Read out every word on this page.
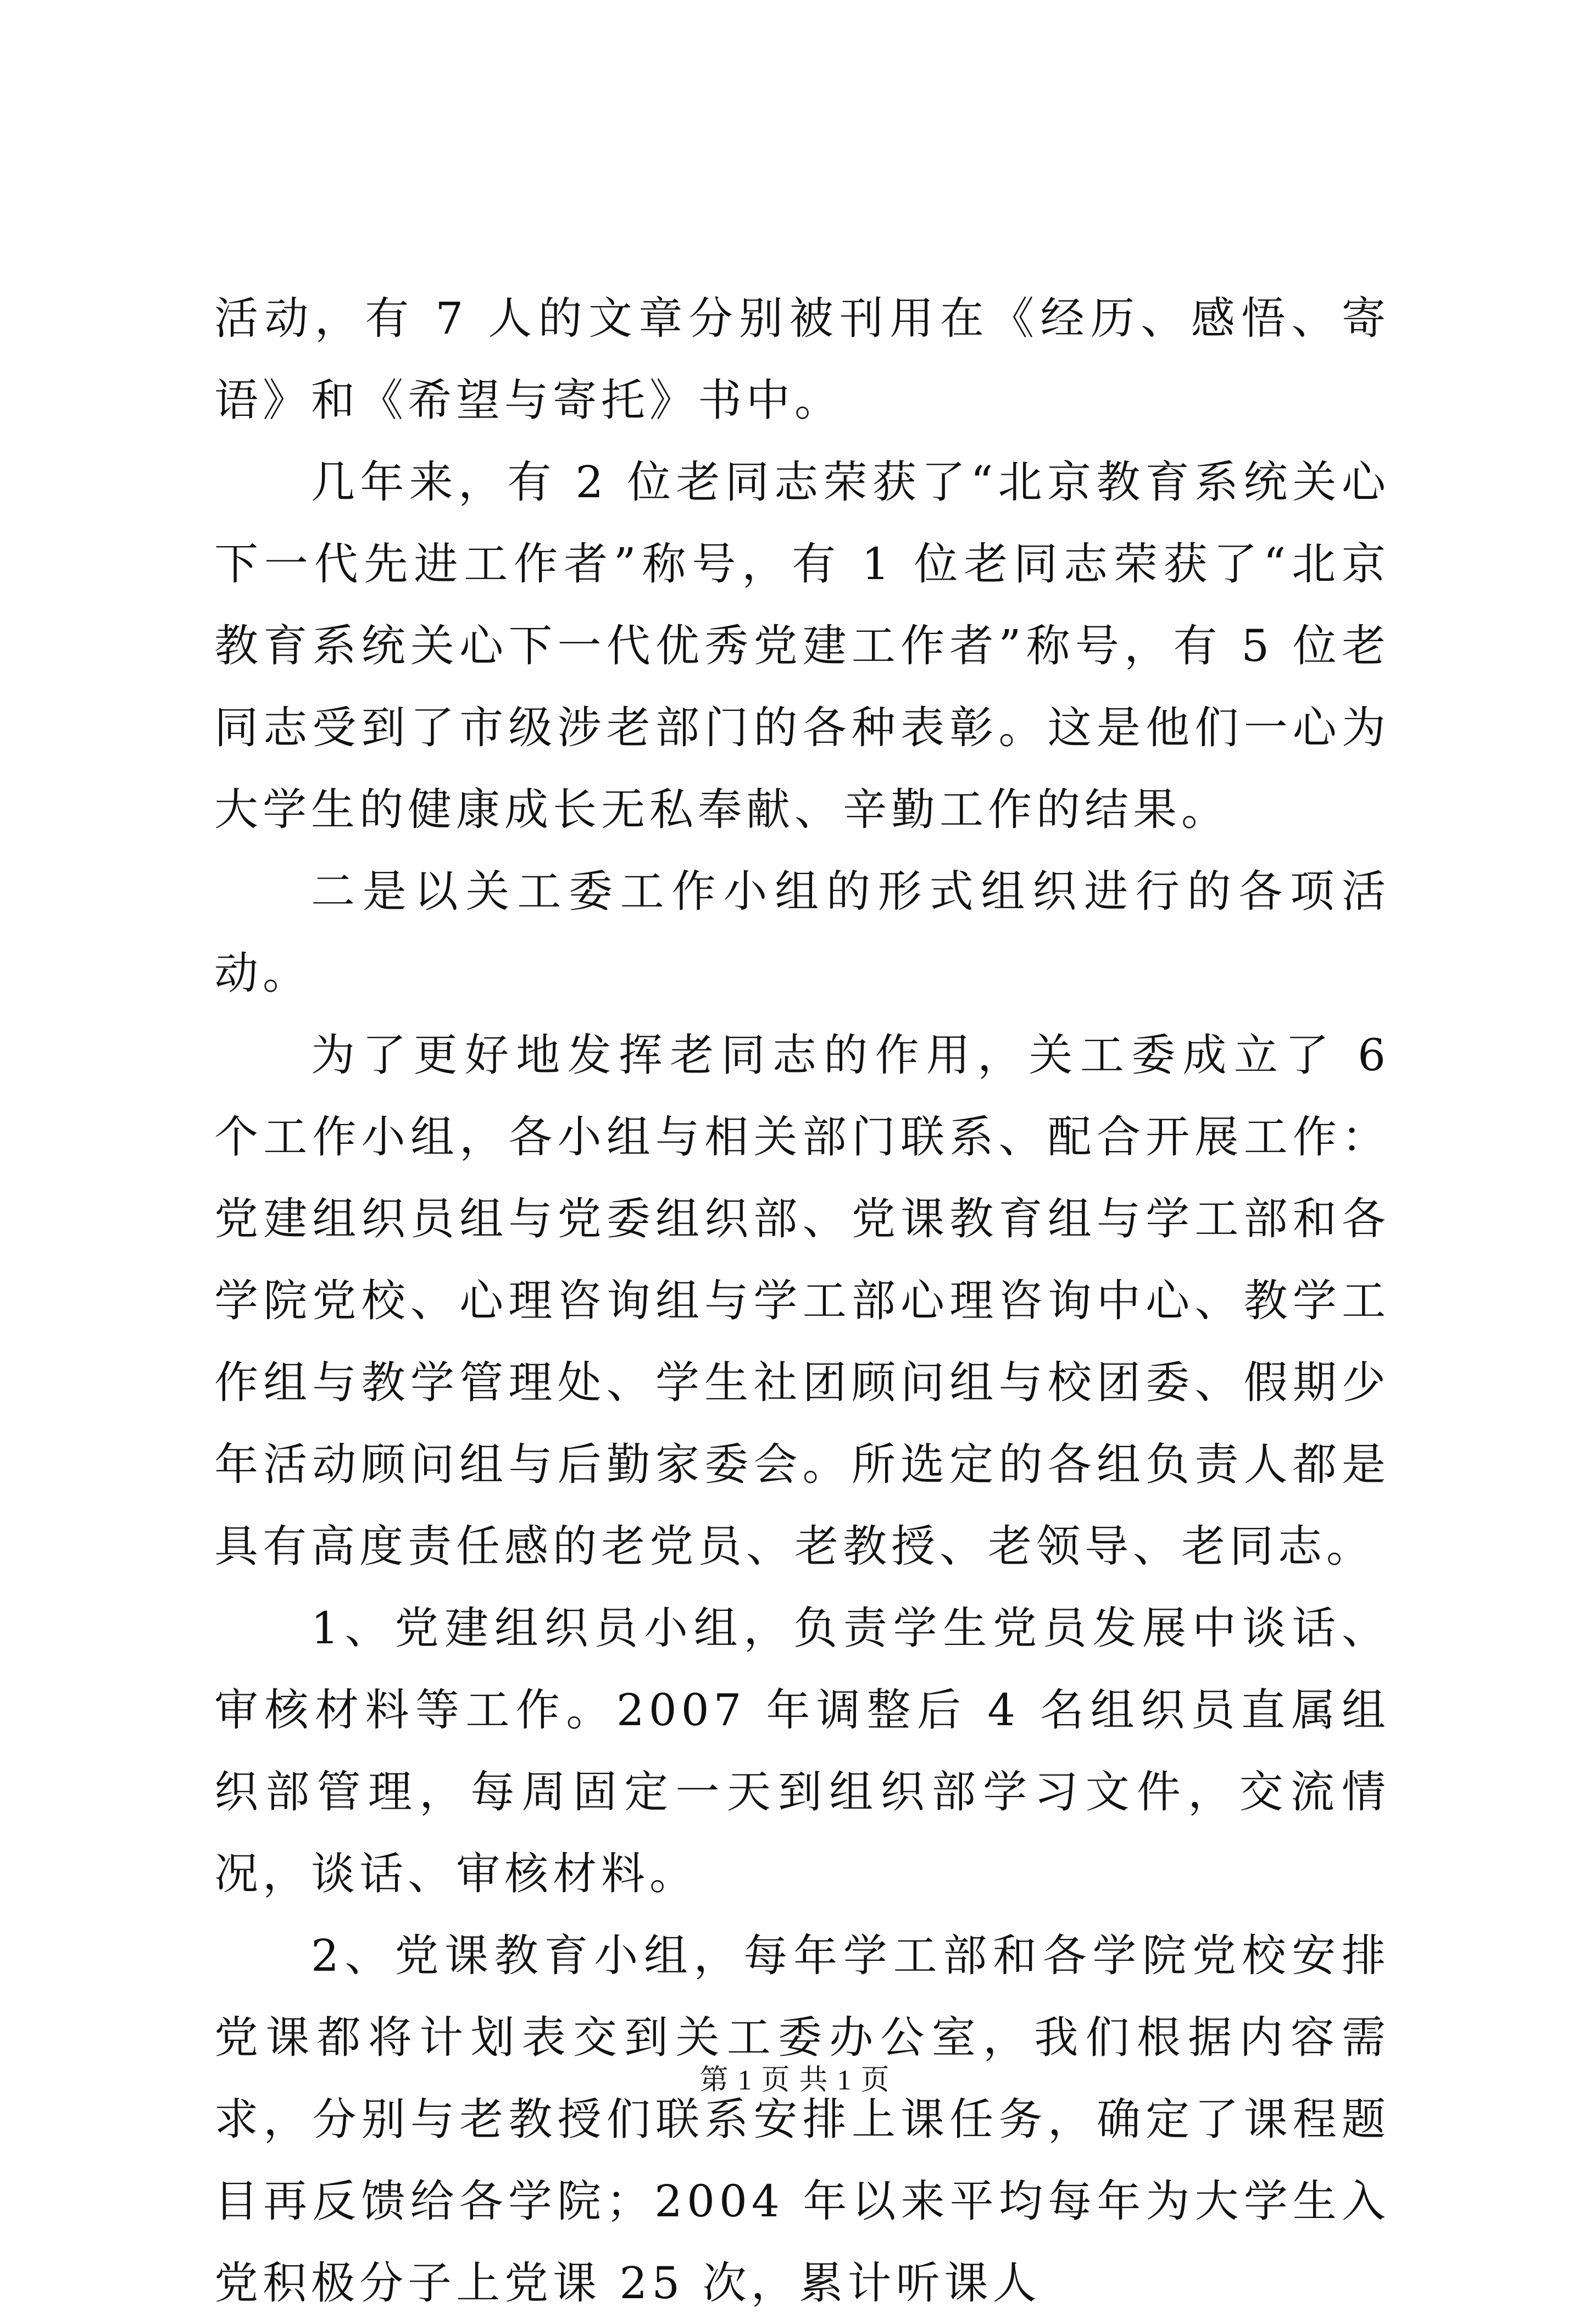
活动，有 7 人的文章分别被刊用在《经历、感悟、寄语》和《希望与寄托》书中。

几年来，有 2 位老同志荣获了“北京教育系统关心下一代先进工作者”称号，有 1 位老同志荣获了“北京教育系统关心下一代优秀党建工作者”称号，有 5 位老同志受到了市级涉老部门的各种表彰。这是他们一心为大学生的健康成长无私奉献、辛勤工作的结果。

二是以关工委工作小组的形式组织进行的各项活动。

为了更好地发挥老同志的作用，关工委成立了 6 个工作小组，各小组与相关部门联系、配合开展工作：党建组织员组与党委组织部、党课教育组与学工部和各学院党校、心理咨询组与学工部心理咨询中心、教学工作组与教学管理处、学生社团顾问组与校团委、假期少年活动顾问组与后勤家委会。所选定的各组负责人都是具有高度责任感的老党员、老教授、老领导、老同志。

1、党建组织员小组，负责学生党员发展中谈话、审核材料等工作。2007 年调整后 4 名组织员直属组织部管理，每周固定一天到组织部学习文件，交流情况，谈话、审核材料。

2、党课教育小组，每年学工部和各学院党校安排党课都将计划表交到关工委办公室，我们根据内容需求，分别与老教授们联系安排上课任务，确定了课程题目再反馈给各学院；2004 年以来平均每年为大学生入党积极分子上党课 25 次，累计听课人

第 1 页 共 1 页
